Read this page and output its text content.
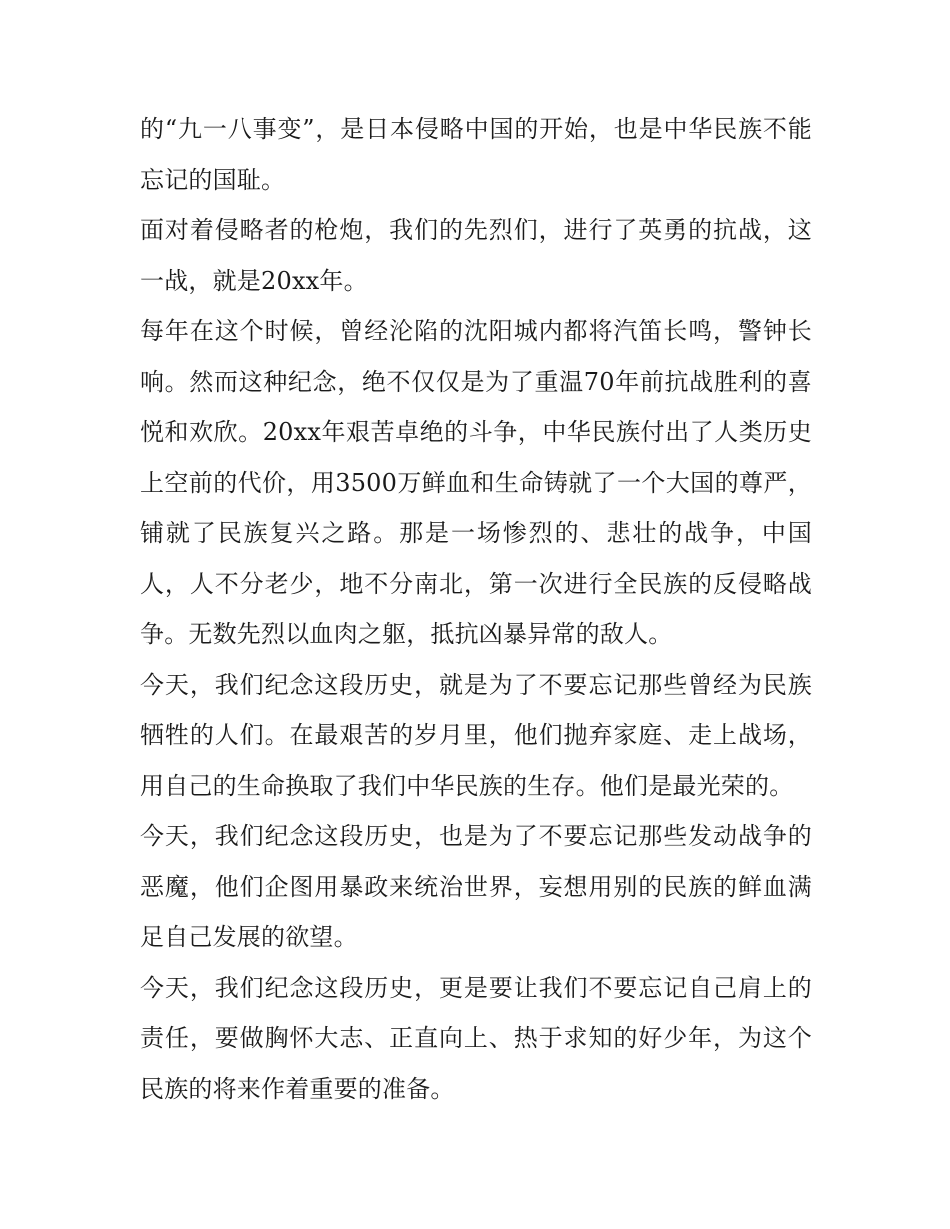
的“九一八事变”，是日本侵略中国的开始，也是中华民族不能忘记的国耻。

面对着侵略者的枪炮，我们的先烈们，进行了英勇的抗战，这一战，就是20xx年。

每年在这个时候，曾经沦陷的沈阳城内都将汽笛长鸣，警钟长响。然而这种纪念，绝不仅仅是为了重温70年前抗战胜利的喜悦和欢欣。20xx年艰苦卓绝的斗争，中华民族付出了人类历史上空前的代价，用3500万鲜血和生命铸就了一个大国的尊严，铺就了民族复兴之路。那是一场惨烈的、悲壮的战争，中国人，人不分老少，地不分南北，第一次进行全民族的反侵略战争。无数先烈以血肉之躯，抵抗凶暴异常的敌人。

今天，我们纪念这段历史，就是为了不要忘记那些曾经为民族牺牲的人们。在最艰苦的岁月里，他们抛弃家庭、走上战场，用自己的生命换取了我们中华民族的生存。他们是最光荣的。

今天，我们纪念这段历史，也是为了不要忘记那些发动战争的恶魔，他们企图用暴政来统治世界，妄想用别的民族的鲜血满足自己发展的欲望。

今天，我们纪念这段历史，更是要让我们不要忘记自己肩上的责任，要做胸怀大志、正直向上、热于求知的好少年，为这个民族的将来作着重要的准备。
